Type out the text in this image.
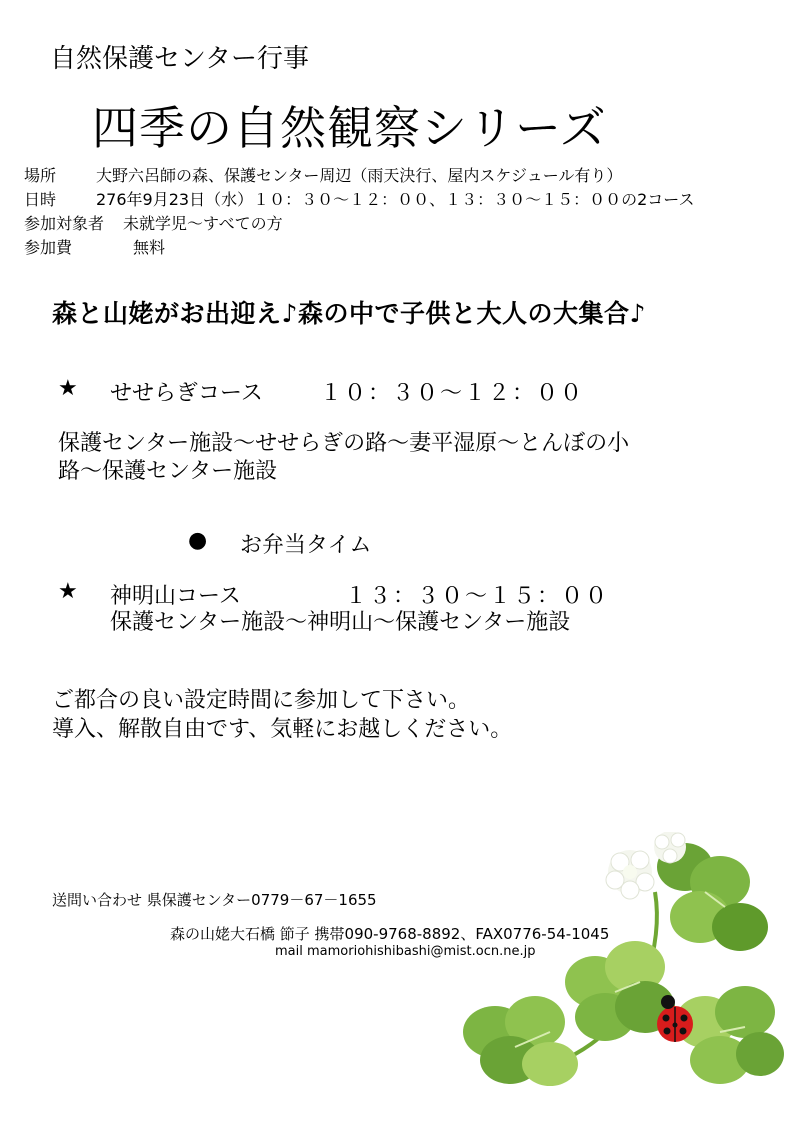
自然保護センター行事
四季の自然観察シリーズ
場所 大野六呂師の森、保護センター周辺（雨天決行、屋内スケジュール有り）
日時 276年9月23日（水）１０：３０～１２：００、１３：３０～１５：００の2コース
参加対象者 未就学児～すべての方
参加費	無料
森と山姥がお出迎え♪森の中で子供と大人の大集合♪
★ せせらぎコース	１０：３０～１２：００
保護センター施設～せせらぎの路～妻平湿原～とんぼの小
路～保護センター施設
● お弁当タイム
★ 神明山コース	１３：３０～１５：００
保護センター施設～神明山～保護センター施設
ご都合の良い設定時間に参加して下さい。
導入、解散自由です、気軽にお越しください。
送問い合わせ 県保護センター0779－67－1655
森の山姥大石橋 節子 携帯090-9768-8892、FAX0776-54-1045
mail mamoriohishibashi@mist.ocn.ne.jp
